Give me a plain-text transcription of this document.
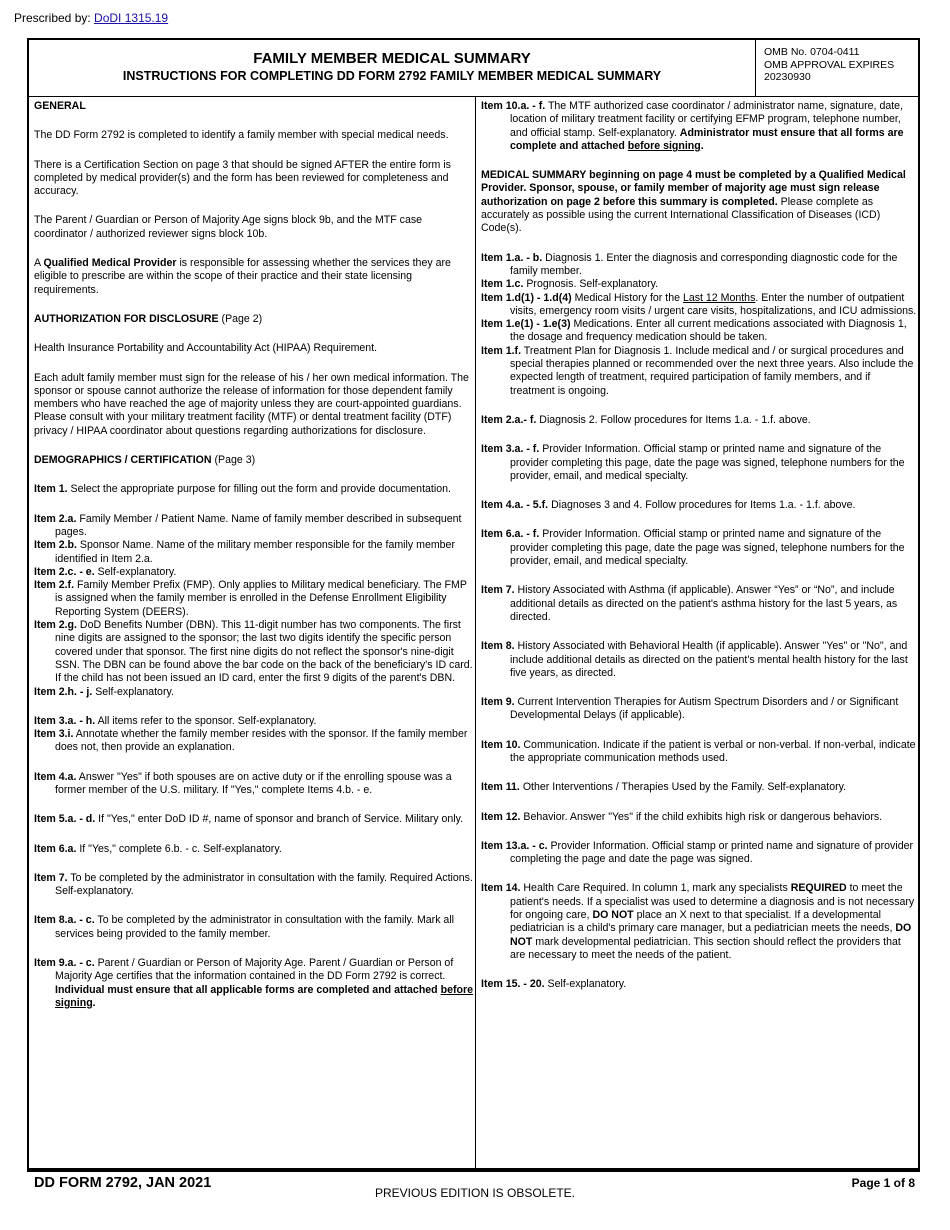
Prescribed by: DoDI 1315.19
FAMILY MEMBER MEDICAL SUMMARY
INSTRUCTIONS FOR COMPLETING DD FORM 2792 FAMILY MEMBER MEDICAL SUMMARY
OMB No. 0704-0411
OMB APPROVAL EXPIRES
20230930

GENERAL

The DD Form 2792 is completed to identify a family member with special medical needs.

There is a Certification Section on page 3 that should be signed AFTER the entire form is completed by medical provider(s) and the form has been reviewed for completeness and accuracy.

The Parent / Guardian or Person of Majority Age signs block 9b, and the MTF case coordinator / authorized reviewer signs block 10b.

A Qualified Medical Provider is responsible for assessing whether the services they are eligible to prescribe are within the scope of their practice and their state licensing requirements.

AUTHORIZATION FOR DISCLOSURE (Page 2)

Health Insurance Portability and Accountability Act (HIPAA) Requirement.

Each adult family member must sign for the release of his / her own medical information. The sponsor or spouse cannot authorize the release of information for those dependent family members who have reached the age of majority unless they are court-appointed guardians. Please consult with your military treatment facility (MTF) or dental treatment facility (DTF) privacy / HIPAA coordinator about questions regarding authorizations for disclosure.

DEMOGRAPHICS / CERTIFICATION (Page 3)

Item 1. Select the appropriate purpose for filling out the form and provide documentation.

Item 2.a. Family Member / Patient Name. Name of family member described in subsequent pages.

Item 2.b. Sponsor Name. Name of the military member responsible for the family member identified in Item 2.a.

Item 2.c. - e. Self-explanatory.

Item 2.f. Family Member Prefix (FMP). Only applies to Military medical beneficiary. The FMP is assigned when the family member is enrolled in the Defense Enrollment Eligibility Reporting System (DEERS).

Item 2.g. DoD Benefits Number (DBN). This 11-digit number has two components. The first nine digits are assigned to the sponsor; the last two digits identify the specific person covered under that sponsor. The first nine digits do not reflect the sponsor's nine-digit SSN. The DBN can be found above the bar code on the back of the beneficiary's ID card. If the child has not been issued an ID card, enter the first 9 digits of the parent's DBN.

Item 2.h. - j. Self-explanatory.

Item 3.a. - h. All items refer to the sponsor. Self-explanatory.

Item 3.i. Annotate whether the family member resides with the sponsor. If the family member does not, then provide an explanation.

Item 4.a. Answer "Yes" if both spouses are on active duty or if the enrolling spouse was a former member of the U.S. military. If "Yes," complete Items 4.b. - e.

Item 5.a. - d. If "Yes," enter DoD ID #, name of sponsor and branch of Service. Military only.

Item 6.a. If "Yes," complete 6.b. - c. Self-explanatory.

Item 7. To be completed by the administrator in consultation with the family. Required Actions. Self-explanatory.

Item 8.a. - c. To be completed by the administrator in consultation with the family. Mark all services being provided to the family member.

Item 9.a. - c. Parent / Guardian or Person of Majority Age. Parent / Guardian or Person of Majority Age certifies that the information contained in the DD Form 2792 is correct. Individual must ensure that all applicable forms are completed and attached before signing.

Item 10.a. - f. The MTF authorized case coordinator / administrator name, signature, date, location of military treatment facility or certifying EFMP program, telephone number, and official stamp. Self-explanatory. Administrator must ensure that all forms are complete and attached before signing.

MEDICAL SUMMARY beginning on page 4 must be completed by a Qualified Medical Provider. Sponsor, spouse, or family member of majority age must sign release authorization on page 2 before this summary is completed. Please complete as accurately as possible using the current International Classification of Diseases (ICD) Code(s).

Item 1.a. - b. Diagnosis 1. Enter the diagnosis and corresponding diagnostic code for the family member.

Item 1.c. Prognosis. Self-explanatory.

Item 1.d(1) - 1.d(4) Medical History for the Last 12 Months. Enter the number of outpatient visits, emergency room visits / urgent care visits, hospitalizations, and ICU admissions.

Item 1.e(1) - 1.e(3) Medications. Enter all current medications associated with Diagnosis 1, the dosage and frequency medication should be taken.

Item 1.f. Treatment Plan for Diagnosis 1. Include medical and / or surgical procedures and special therapies planned or recommended over the next three years. Also include the expected length of treatment, required participation of family members, and if treatment is ongoing.

Item 2.a.- f. Diagnosis 2. Follow procedures for Items 1.a. - 1.f. above.

Item 3.a. - f. Provider Information. Official stamp or printed name and signature of the provider completing this page, date the page was signed, telephone numbers for the provider, email, and medical specialty.

Item 4.a. - 5.f. Diagnoses 3 and 4. Follow procedures for Items 1.a. - 1.f. above.

Item 6.a. - f. Provider Information. Official stamp or printed name and signature of the provider completing this page, date the page was signed, telephone numbers for the provider, email, and medical specialty.

Item 7. History Associated with Asthma (if applicable). Answer “Yes” or “No”, and include additional details as directed on the patient's asthma history for the last 5 years, as directed.

Item 8. History Associated with Behavioral Health (if applicable). Answer "Yes" or "No", and include additional details as directed on the patient's mental health history for the last five years, as directed.

Item 9. Current Intervention Therapies for Autism Spectrum Disorders and / or Significant Developmental Delays (if applicable).

Item 10. Communication. Indicate if the patient is verbal or non-verbal. If non-verbal, indicate the appropriate communication methods used.

Item 11. Other Interventions / Therapies Used by the Family. Self-explanatory.

Item 12. Behavior. Answer "Yes" if the child exhibits high risk or dangerous behaviors.

Item 13.a. - c. Provider Information. Official stamp or printed name and signature of provider completing the page and date the page was signed.

Item 14. Health Care Required. In column 1, mark any specialists REQUIRED to meet the patient's needs. If a specialist was used to determine a diagnosis and is not necessary for ongoing care, DO NOT place an X next to that specialist. If a developmental pediatrician is a child's primary care manager, but a pediatrician meets the needs, DO NOT mark developmental pediatrician. This section should reflect the providers that are necessary to meet the needs of the patient.

Item 15. - 20. Self-explanatory.

DD FORM 2792, JAN 2021
PREVIOUS EDITION IS OBSOLETE.
Page 1 of 8
